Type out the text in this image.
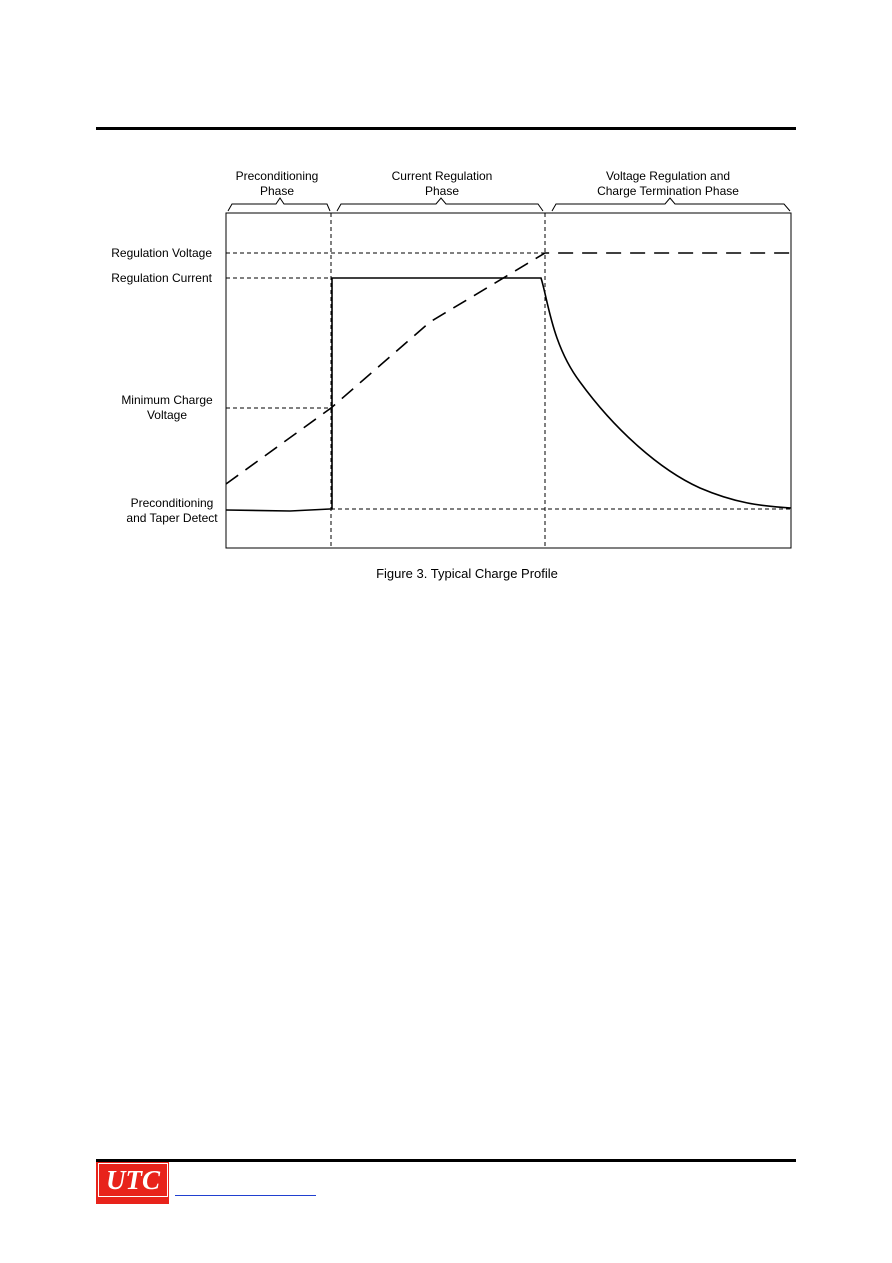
Preconditioning
Phase
Current Regulation
Phase
Voltage Regulation and
Charge Termination Phase
Regulation Voltage
Regulation Current
Minimum Charge
Voltage
Preconditioning
and Taper Detect
Figure 3. Typical Charge Profile
UTC
